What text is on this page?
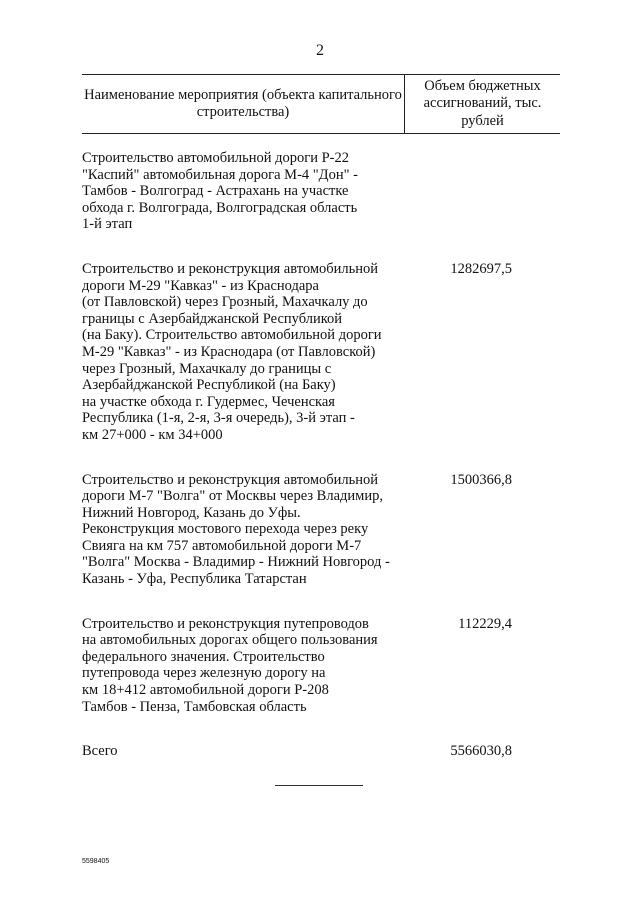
2
Наименование мероприятия (объекта капитального строительства)
Объем бюджетных ассигнований, тыс. рублей
Строительство автомобильной дороги Р-22
"Каспий" автомобильная дорога М-4 "Дон" -
Тамбов - Волгоград - Астрахань на участке
обхода г. Волгограда, Волгоградская область
1-й этап
Строительство и реконструкция автомобильной
дороги М-29 "Кавказ" - из Краснодара
(от Павловской) через Грозный, Махачкалу до
границы с Азербайджанской Республикой
(на Баку). Строительство автомобильной дороги
М-29 "Кавказ" - из Краснодара (от Павловской)
через Грозный, Махачкалу до границы с
Азербайджанской Республикой (на Баку)
на участке обхода г. Гудермес, Чеченская
Республика (1-я, 2-я, 3-я очередь), 3-й этап -
км 27+000 - км 34+000
1282697,5
Строительство и реконструкция автомобильной
дороги М-7 "Волга" от Москвы через Владимир,
Нижний Новгород, Казань до Уфы.
Реконструкция мостового перехода через реку
Свияга на км 757 автомобильной дороги М-7
"Волга" Москва - Владимир - Нижний Новгород -
Казань - Уфа, Республика Татарстан
1500366,8
Строительство и реконструкция путепроводов
на автомобильных дорогах общего пользования
федерального значения. Строительство
путепровода через железную дорогу на
км 18+412 автомобильной дороги Р-208
Тамбов - Пенза, Тамбовская область
112229,4
Всего	5566030,8
5598405
